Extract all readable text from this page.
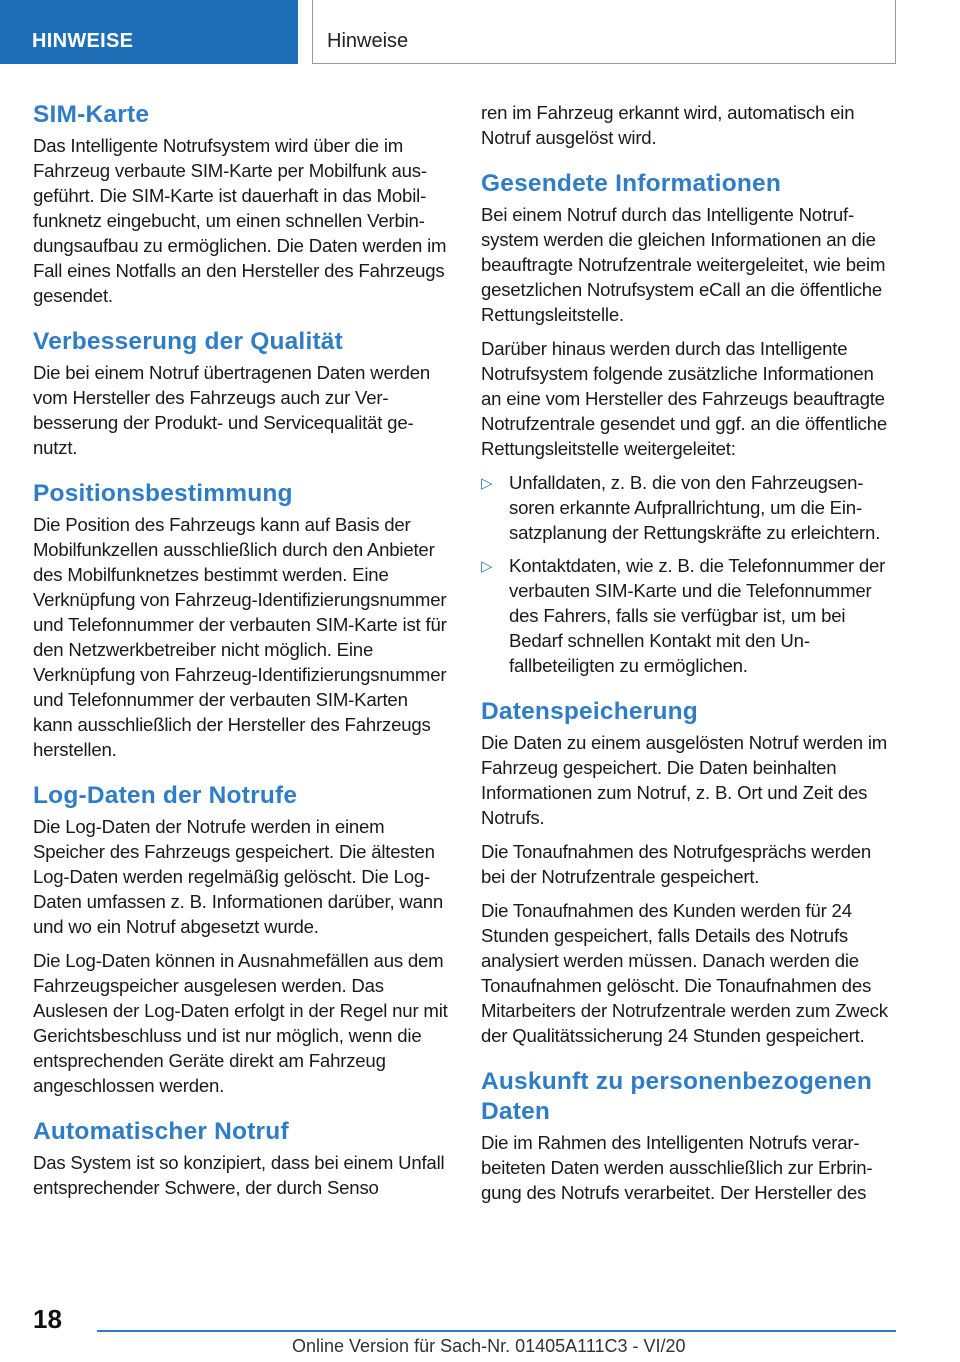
HINWEISE	Hinweise
SIM-Karte

Das Intelligente Notrufsystem wird über die im Fahrzeug verbaute SIM-Karte per Mobilfunk ausgeführt. Die SIM-Karte ist dauerhaft in das Mobilfunknetz eingebucht, um einen schnellen Verbindungsaufbau zu ermöglichen. Die Daten werden im Fall eines Notfalls an den Hersteller des Fahrzeugs gesendet.

Verbesserung der Qualität

Die bei einem Notruf übertragenen Daten werden vom Hersteller des Fahrzeugs auch zur Verbesserung der Produkt- und Servicequalität genutzt.

Positionsbestimmung

Die Position des Fahrzeugs kann auf Basis der Mobilfunkzellen ausschließlich durch den Anbieter des Mobilfunknetzes bestimmt werden. Eine Verknüpfung von Fahrzeug-Identifizierungsnummer und Telefonnummer der verbauten SIM-Karte ist für den Netzwerkbetreiber nicht möglich. Eine Verknüpfung von Fahrzeug-Identifizierungsnummer und Telefonnummer der verbauten SIM-Karten kann ausschließlich der Hersteller des Fahrzeugs herstellen.

Log-Daten der Notrufe

Die Log-Daten der Notrufe werden in einem Speicher des Fahrzeugs gespeichert. Die ältesten Log-Daten werden regelmäßig gelöscht. Die Log-Daten umfassen z. B. Informationen darüber, wann und wo ein Notruf abgesetzt wurde.

Die Log-Daten können in Ausnahmefällen aus dem Fahrzeugspeicher ausgelesen werden. Das Auslesen der Log-Daten erfolgt in der Regel nur mit Gerichtsbeschluss und ist nur möglich, wenn die entsprechenden Geräte direkt am Fahrzeug angeschlossen werden.

Automatischer Notruf

Das System ist so konzipiert, dass bei einem Unfall entsprechender Schwere, der durch Senso

ren im Fahrzeug erkannt wird, automatisch ein Notruf ausgelöst wird.

Gesendete Informationen

Bei einem Notruf durch das Intelligente Notrufsystem werden die gleichen Informationen an die beauftragte Notrufzentrale weitergeleitet, wie beim gesetzlichen Notrufsystem eCall an die öffentliche Rettungsleitstelle.

Darüber hinaus werden durch das Intelligente Notrufsystem folgende zusätzliche Informationen an eine vom Hersteller des Fahrzeugs beauftragte Notrufzentrale gesendet und ggf. an die öffentliche Rettungsleitstelle weitergeleitet:

▷ Unfalldaten, z. B. die von den Fahrzeugsensoren erkannte Aufprallrichtung, um die Einsatzplanung der Rettungskräfte zu erleichtern.
▷ Kontaktdaten, wie z. B. die Telefonnummer der verbauten SIM-Karte und die Telefonnummer des Fahrers, falls sie verfügbar ist, um bei Bedarf schnellen Kontakt mit den Unfallbeteiligten zu ermöglichen.
Datenspeicherung

Die Daten zu einem ausgelösten Notruf werden im Fahrzeug gespeichert. Die Daten beinhalten Informationen zum Notruf, z. B. Ort und Zeit des Notrufs.

Die Tonaufnahmen des Notrufgesprächs werden bei der Notrufzentrale gespeichert.

Die Tonaufnahmen des Kunden werden für 24 Stunden gespeichert, falls Details des Notrufs analysiert werden müssen. Danach werden die Tonaufnahmen gelöscht. Die Tonaufnahmen des Mitarbeiters der Notrufzentrale werden zum Zweck der Qualitätssicherung 24 Stunden gespeichert.

Auskunft zu personenbezogenen Daten

Die im Rahmen des Intelligenten Notrufs verarbeiteten Daten werden ausschließlich zur Erbringung des Notrufs verarbeitet. Der Hersteller des

18
Online Version für Sach-Nr. 01405A111C3 - VI/20
